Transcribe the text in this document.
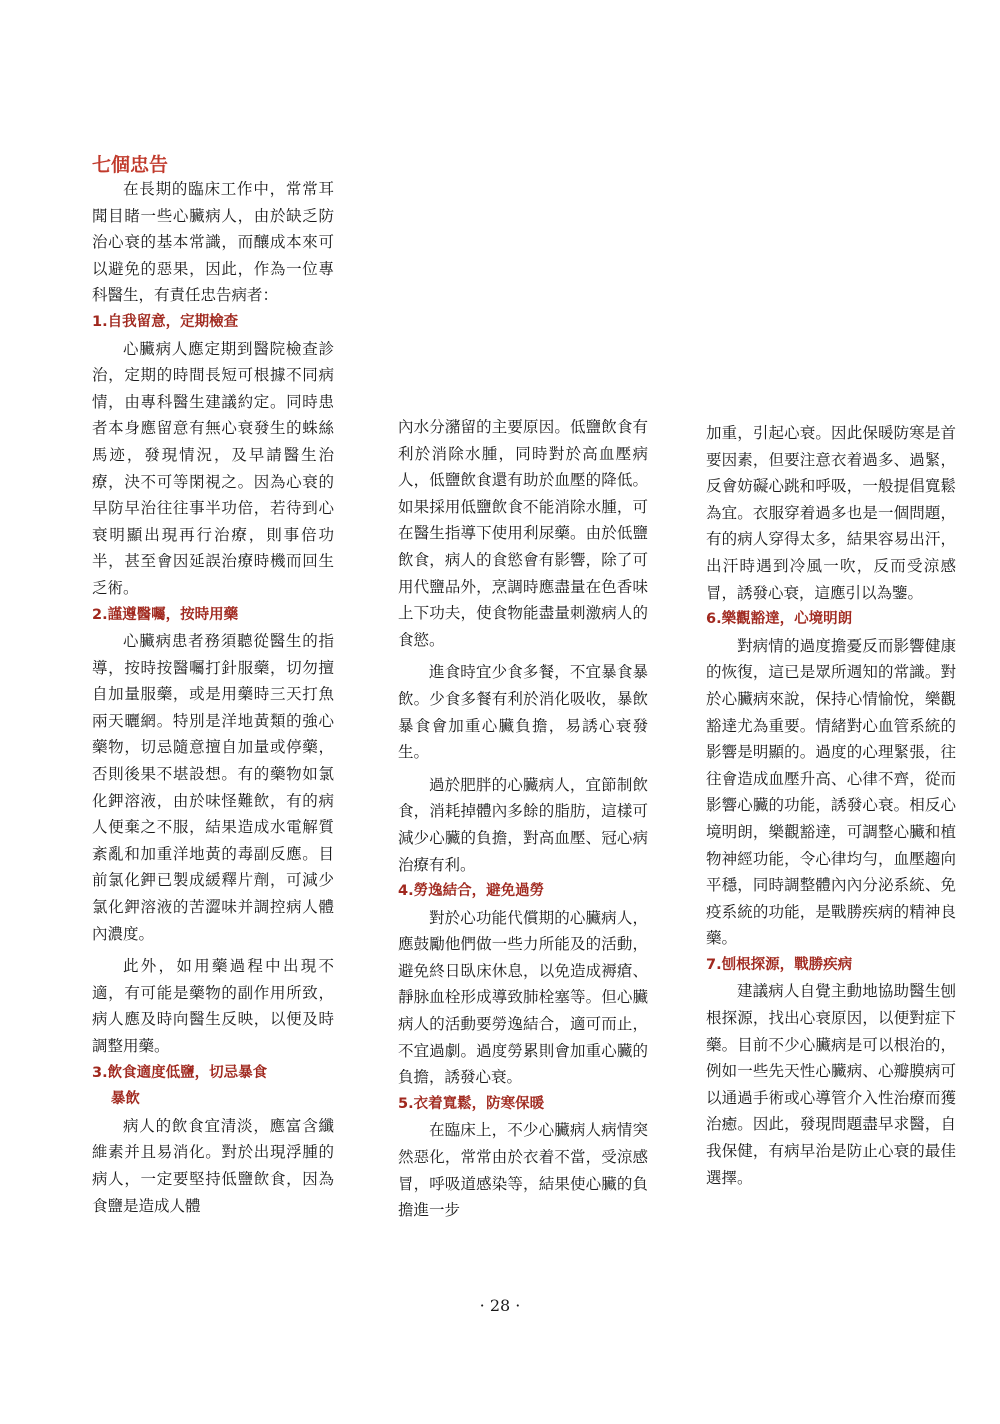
七個忠告

在長期的臨床工作中，常常耳聞目睹一些心臟病人，由於缺乏防治心衰的基本常識，而釀成本來可以避免的惡果，因此，作為一位專科醫生，有責任忠告病者：

1.自我留意，定期檢查

心臟病人應定期到醫院檢查診治，定期的時間長短可根據不同病情，由專科醫生建議約定。同時患者本身應留意有無心衰發生的蛛絲馬迹，發現情況，及早請醫生治療，決不可等閑視之。因為心衰的早防早治往往事半功倍，若待到心衰明顯出現再行治療，則事倍功半，甚至會因延誤治療時機而回生乏術。

2.謹遵醫囑，按時用藥

心臟病患者務須聽從醫生的指導，按時按醫囑打針服藥，切勿擅自加量服藥，或是用藥時三天打魚兩天曬網。特別是洋地黃類的強心藥物，切忌隨意擅自加量或停藥，否則後果不堪設想。有的藥物如氯化鉀溶液，由於味怪難飲，有的病人便棄之不服，結果造成水電解質紊亂和加重洋地黃的毒副反應。目前氯化鉀已製成緩釋片劑，可減少氯化鉀溶液的苦澀味并調控病人體內濃度。

此外，如用藥過程中出現不適，有可能是藥物的副作用所致，病人應及時向醫生反映，以便及時調整用藥。

3.飲食適度低鹽，切忌暴食
暴飲

病人的飲食宜清淡，應富含纖維素并且易消化。對於出現浮腫的病人，一定要堅持低鹽飲食，因為食鹽是造成人體

內水分瀦留的主要原因。低鹽飲食有利於消除水腫，同時對於高血壓病人，低鹽飲食還有助於血壓的降低。如果採用低鹽飲食不能消除水腫，可在醫生指導下使用利尿藥。由於低鹽飲食，病人的食慾會有影響，除了可用代鹽品外，烹調時應盡量在色香味上下功夫，使食物能盡量刺激病人的食慾。

進食時宜少食多餐，不宜暴食暴飲。少食多餐有利於消化吸收，暴飲暴食會加重心臟負擔，易誘心衰發生。

過於肥胖的心臟病人，宜節制飲食，消耗掉體內多餘的脂肪，這樣可減少心臟的負擔，對高血壓、冠心病治療有利。

4.勞逸結合，避免過勞

對於心功能代償期的心臟病人，應鼓勵他們做一些力所能及的活動，避免終日臥床休息，以免造成褥瘡、靜脉血栓形成導致肺栓塞等。但心臟病人的活動要勞逸結合，適可而止，不宜過劇。過度勞累則會加重心臟的負擔，誘發心衰。

5.衣着寬鬆，防寒保暖

在臨床上，不少心臟病人病情突然惡化，常常由於衣着不當，受涼感冒，呼吸道感染等，結果使心臟的負擔進一步

加重，引起心衰。因此保暖防寒是首要因素，但要注意衣着過多、過緊，反會妨礙心跳和呼吸，一般提倡寬鬆為宜。衣服穿着過多也是一個問題，有的病人穿得太多，結果容易出汗，出汗時遇到冷風一吹，反而受涼感冒，誘發心衰，這應引以為鑒。

6.樂觀豁達，心境明朗

對病情的過度擔憂反而影響健康的恢復，這已是眾所週知的常識。對於心臟病來說，保持心情愉悅，樂觀豁達尤為重要。情緒對心血管系統的影響是明顯的。過度的心理緊張，往往會造成血壓升高、心律不齊，從而影響心臟的功能，誘發心衰。相反心境明朗，樂觀豁達，可調整心臟和植物神經功能，令心律均勻，血壓趨向平穩，同時調整體內內分泌系統、免疫系統的功能，是戰勝疾病的精神良藥。

7.刨根探源，戰勝疾病

建議病人自覺主動地協助醫生刨根探源，找出心衰原因，以便對症下藥。目前不少心臟病是可以根治的，例如一些先天性心臟病、心瓣膜病可以通過手術或心導管介入性治療而獲治癒。因此，發現問題盡早求醫，自我保健，有病早治是防止心衰的最佳選擇。

· 28 ·
